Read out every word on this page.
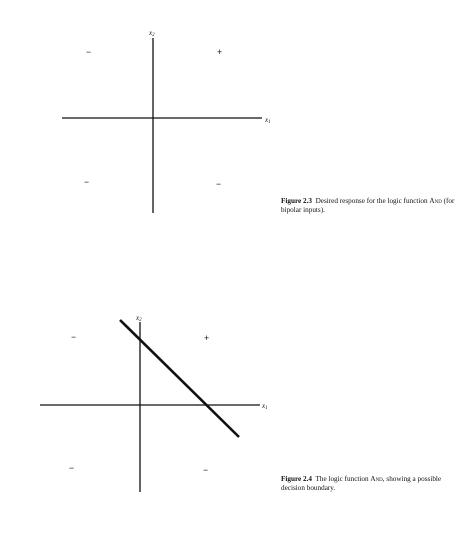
$x_2$
$x_1$
−	+
−	−
Figure 2.3 Desired response for the logic function And (for bipolar inputs).
$x_2$
$x_1$
−	+
−	−
Figure 2.4 The logic function And, showing a possible decision boundary.
